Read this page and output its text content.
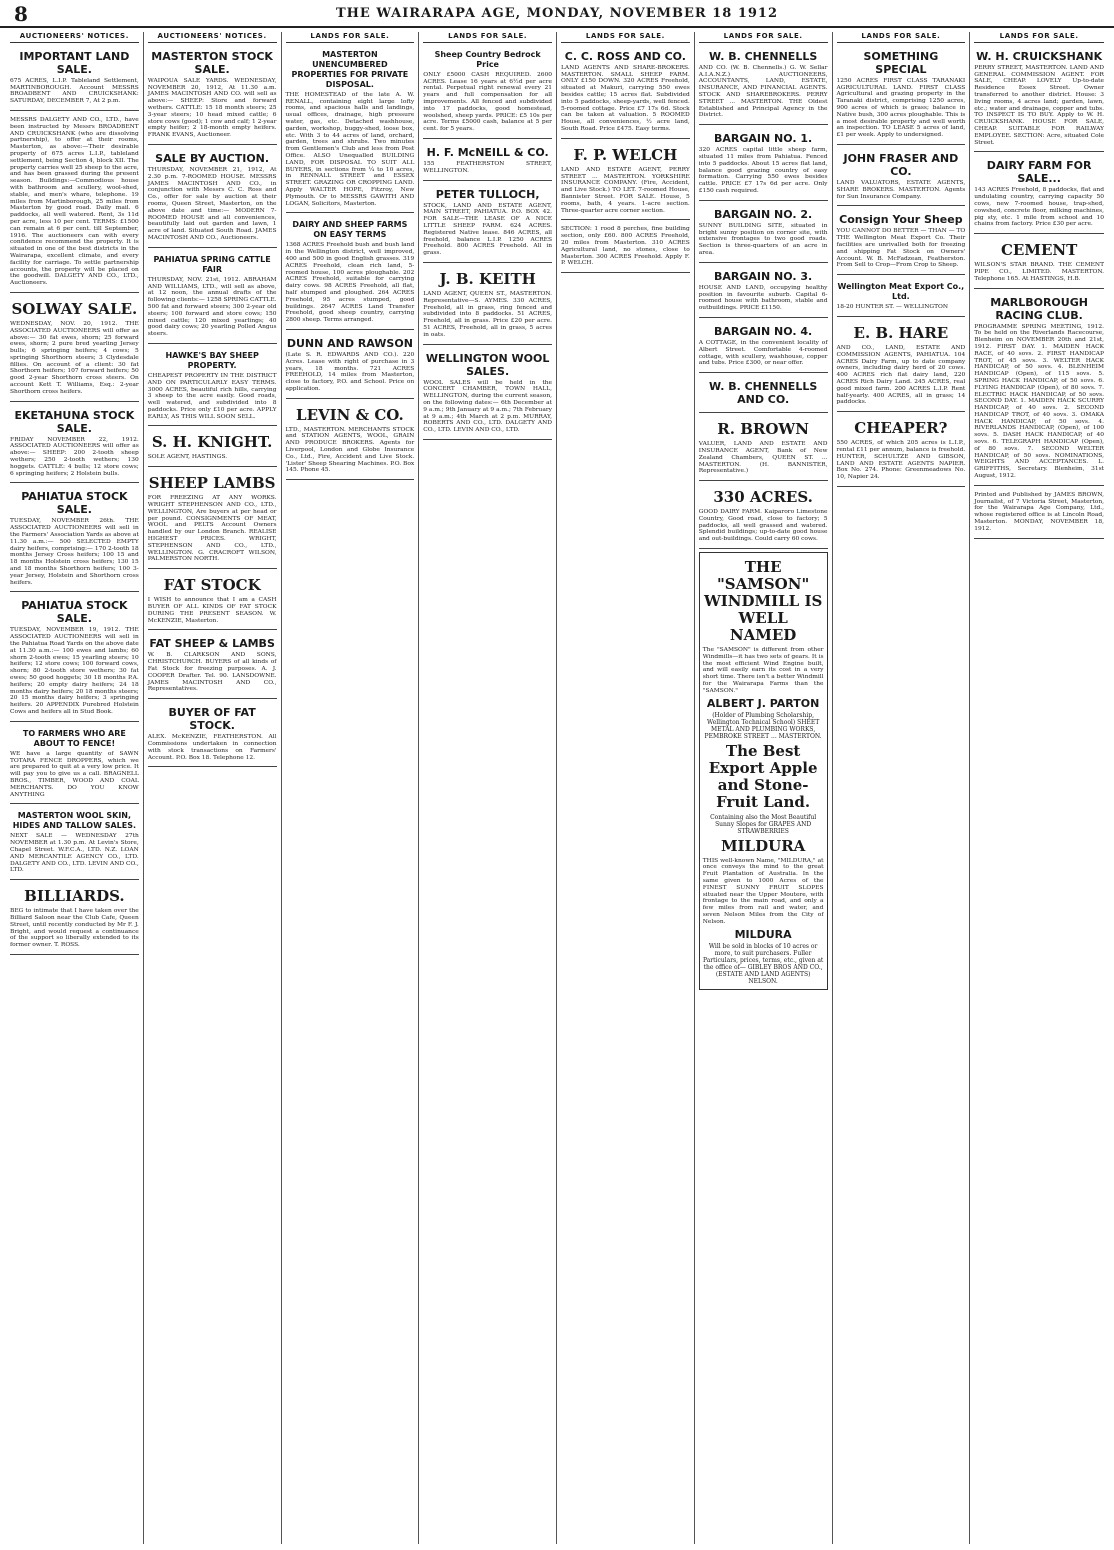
8	THE WAIRARAPA AGE, MONDAY, NOVEMBER 18 1912
AUCTIONEERS' NOTICES.
IMPORTANT LAND SALE.
675 ACRES, L.I.P. Tableland Settlement, MARTINBOROUGH. Account MESSRS BROADBENT AND CRUICKSHANK: SATURDAY, DECEMBER 7, At 2 p.m.
MESSRS DALGETY AND CO., LTD., have been instructed by Messrs BROADBENT AND CRUICKSHANK (who are dissolving partnership), to offer at their rooms, Masterton, as above:—Their desirable property of 675 acres L.I.P., tableland settlement, being Section 4, block XII. The property carries well 25 sheep to the acre, and has been grassed during the present season. Buildings:—Commodious house with bathroom and scullery, wool-shed, stable, and men's whare, telephone. 19 miles from Martinborough, 25 miles from Masterton by good road. Daily mail. 6 paddocks, all well watered. Rent, 3s 11d per acre, less 10 per cent. TERMS: £1500 can remain at 6 per cent. till September, 1916. The auctioneers can with every confidence recommend the property. It is situated in one of the best districts in the Wairarapa, excellent climate, and every facility for carriage. To settle partnership accounts, the property will be placed on the goodwill. DALGETY AND CO., LTD., Auctioneers.
SOLWAY SALE.
WEDNESDAY, NOV. 20, 1912. THE ASSOCIATED AUCTIONEERS will offer as above:— 30 fat ewes, shorn; 25 forward ewes, shorn; 2 pure bred yearling Jersey bulls; 6 springing heifers; 4 cows; 5 springing Shorthorn steers; 3 Clydesdale fillies. On account of a client: 30 fat Shorthorn heifers; 107 forward heifers; 50 good 2-year Shorthorn cross steers. On account Kett T. Williams, Esq.: 2-year Shorthorn cross heifers.
EKETAHUNA STOCK SALE.
FRIDAY NOVEMBER 22, 1912. ASSOCIATED AUCTIONEERS will offer as above:— SHEEP: 200 2-tooth sheep wethers; 250 2-tooth wethers; 130 hoggets. CATTLE: 4 bulls; 12 store cows; 6 springing heifers; 2 Holstein bulls.
PAHIATUA STOCK SALE.
TUESDAY, NOVEMBER 26th. THE ASSOCIATED AUCTIONEERS will sell in the Farmers' Association Yards as above at 11.30 a.m.:— 500 SELECTED EMPTY dairy heifers, comprising:— 170 2-tooth 18 months Jersey Cross heifers; 100 15 and 18 months Holstein cross heifers; 130 15 and 18 months Shorthorn heifers; 100 3-year Jersey, Holstein and Shorthorn cross heifers.
PAHIATUA STOCK SALE.
TUESDAY, NOVEMBER 19, 1912. THE ASSOCIATED AUCTIONEERS will sell in the Pahiatua Road Yards on the above date at 11.30 a.m.:— 100 ewes and lambs; 60 shorn 2-tooth ewes; 15 yearling steers; 10 heifers; 12 store cows; 100 forward cows, shorn; 80 2-tooth store wethers; 30 fat ewes; 50 good hoggets; 30 18 months P.A. heifers; 20 empty dairy heifers; 24 18 months dairy heifers; 20 18 months steers; 20 15 months dairy heifers; 3 springing heifers. 20 APPENDIX Purebred Holstein Cows and heifers all in Stud Book.
TO FARMERS WHO ARE ABOUT TO FENCE!
WE have a large quantity of SAWN TOTARA FENCE DROPPERS, which we are prepared to quit at a very low price. It will pay you to give us a call. BRAGNELL BROS., TIMBER, WOOD AND COAL MERCHANTS. DO YOU KNOW ANYTHING
MASTERTON WOOL SKIN, HIDES AND TALLOW SALES.
NEXT SALE — WEDNESDAY 27th NOVEMBER at 1.30 p.m. At Levin's Store, Chapel Street. W.F.C.A., LTD. N.Z. LOAN AND MERCANTILE AGENCY CO., LTD. DALGETY AND CO., LTD. LEVIN AND CO., LTD.
BILLIARDS.
BEG to intimate that I have taken over the Billiard Saloon near the Club Cafe, Queen Street, until recently conducted by Mr F. J. Bright, and would request a continuance of the support so liberally extended to its former owner. T. ROSS.
AUCTIONEERS' NOTICES.
MASTERTON STOCK SALE.
WAIPOUA SALE YARDS. WEDNESDAY, NOVEMBER 20, 1912, At 11.30 a.m. JAMES MACINTOSH AND CO. will sell as above:— SHEEP: Store and forward wethers. CATTLE: 15 18 month steers; 25 3-year steers; 10 head mixed cattle; 6 store cows (good); 1 cow and calf; 1 2-year empty heifer; 2 18-month empty heifers. FRANK EVANS, Auctioneer.
SALE BY AUCTION.
THURSDAY, NOVEMBER 21, 1912, At 2.30 p.m. 7-ROOMED HOUSE. MESSRS JAMES MACINTOSH AND CO., in conjunction with Messrs C. C. Ross and Co., offer for sale by auction at their rooms, Queen Street, Masterton, on the above date and time:— MODERN 7-ROOMED HOUSE and all conveniences, beautifully laid out garden and lawn, 1 acre of land. Situated South Road. JAMES MACINTOSH AND CO., Auctioneers.
PAHIATUA SPRING CATTLE FAIR
THURSDAY, NOV. 21st, 1912. ABRAHAM AND WILLIAMS, LTD., will sell as above, at 12 noon, the annual drafts of the following clients:— 1258 SPRING CATTLE. 500 fat and forward steers; 300 2-year old steers; 100 forward and store cows; 150 mixed cattle; 120 mixed yearlings; 40 good dairy cows; 20 yearling Polled Angus steers.
HAWKE'S BAY SHEEP PROPERTY.
CHEAPEST PROPERTY IN THE DISTRICT AND ON PARTICULARLY EASY TERMS. 3000 ACRES, beautiful rich hills, carrying 3 sheep to the acre easily. Good roads, well watered, and subdivided into 8 paddocks. Price only £10 per acre. APPLY EARLY, AS THIS WILL SOON SELL.
S. H. KNIGHT.
SOLE AGENT, HASTINGS.
SHEEP LAMBS
FOR FREEZING AT ANY WORKS. WRIGHT STEPHENSON AND CO., LTD., WELLINGTON, Are buyers at per head or per pound. CONSIGNMENTS OF MEAT, WOOL and PELTS Account Owners handled by our London Branch. REALISE HIGHEST PRICES. WRIGHT, STEPHENSON AND CO., LTD., WELLINGTON. G. CRACROFT WILSON, PALMERSTON NORTH.
FAT STOCK
I WISH to announce that I am a CASH BUYER OF ALL KINDS OF FAT STOCK DURING THE PRESENT SEASON. W. McKENZIE, Masterton.
FAT SHEEP & LAMBS
W. B. CLARKSON AND SONS, CHRISTCHURCH. BUYERS of all kinds of Fat Stock for freezing purposes. A. J. COOPER Drafter. Tel. 90. LANSDOWNE. JAMES MACINTOSH AND CO., Representatives.
BUYER OF FAT STOCK.
ALEX. McKENZIE, FEATHERSTON. All Commissions undertaken in connection with stock transactions on Farmers' Account. P.O. Box 18. Telephone 12.
LANDS FOR SALE.
MASTERTON UNENCUMBERED PROPERTIES FOR PRIVATE DISPOSAL.
THE HOMESTEAD of the late A. W. RENALL, containing eight large lofty rooms, and spacious halls and landings, usual offices, drainage, high pressure water, gas, etc. Detached washhouse, garden, workshop, buggy-shed, loose box, etc. With 3 to 44 acres of land, orchard, garden, trees and shrubs. Two minutes from Gentlemen's Club and less from Post Office. ALSO Unequalled BUILDING LAND, FOR DISPOSAL TO SUIT ALL BUYERS, in sections from ¼ to 10 acres, in RENNALL STREET and ESSEX STREET. GRAZING OR CROPPING LAND. Apply WALTER HOPE, Fitzroy, New Plymouth. Or to MESSRS GAWITH AND LOGAN, Solicitors, Masterton.
DAIRY AND SHEEP FARMS ON EASY TERMS
1368 ACRES Freehold bush and bush land in the Wellington district, well improved, 400 and 500 in good English grasses. 319 ACRES Freehold, clean rich land, 5-roomed house, 100 acres ploughable. 202 ACRES Freehold, suitable for carrying dairy cows. 98 ACRES Freehold, all flat, half stumped and ploughed. 264 ACRES Freehold, 95 acres stumped, good buildings. 2647 ACRES Land Transfer Freehold, good sheep country, carrying 2800 sheep. Terms arranged.
DUNN AND RAWSON
(Late S. R. EDWARDS AND CO.). 220 Acres. Lease with right of purchase in 3 years, 18 months. 721 ACRES FREEHOLD, 14 miles from Masterton, close to factory, P.O. and School. Price on application.
LEVIN & CO.
LTD., MASTERTON. MERCHANTS STOCK and STATION AGENTS, WOOL, GRAIN AND PRODUCE BROKERS. Agents for Liverpool, London and Globe Insurance Co., Ltd., Fire, Accident and Live Stock. 'Lister' Sheep Shearing Machines. P.O. Box 145. Phone 45.
LANDS FOR SALE.
Sheep Country Bedrock Price
ONLY £5000 CASH REQUIRED. 2600 ACRES. Lease 16 years at 6½d per acre rental. Perpetual right renewal every 21 years and full compensation for all improvements. All fenced and subdivided into 17 paddocks, good homestead, woolshed, sheep yards. PRICE: £5 10s per acre. Terms £5000 cash, balance at 5 per cent. for 5 years.
H. F. McNEILL & CO.
155 FEATHERSTON STREET, WELLINGTON.
PETER TULLOCH,
STOCK, LAND AND ESTATE AGENT, MAIN STREET, PAHIATUA. P.O. BOX 42. FOR SALE—THE LEASE OF A NICE LITTLE SHEEP FARM. 624 ACRES. Registered Native lease. 846 ACRES, all freehold, balance L.I.P. 1250 ACRES Freehold. 800 ACRES Freehold. All in grass.
J. B. KEITH
LAND AGENT, QUEEN ST., MASTERTON. Representative—S. AYMES. 330 ACRES, Freehold, all in grass, ring fenced and subdivided into 8 paddocks. 51 ACRES, Freehold, all in grass. Price £20 per acre. 51 ACRES, Freehold, all in grass, 5 acres in oats.
WELLINGTON WOOL SALES.
WOOL SALES will be held in the CONCERT CHAMBER, TOWN HALL, WELLINGTON, during the current season, on the following dates:— 6th December at 9 a.m.; 9th January at 9 a.m.; 7th February at 9 a.m.; 4th March at 2 p.m. MURRAY, ROBERTS AND CO., LTD. DALGETY AND CO., LTD. LEVIN AND CO., LTD.
LANDS FOR SALE.
C. C. ROSS AND CO.
LAND AGENTS AND SHARE-BROKERS. MASTERTON. SMALL SHEEP FARM. ONLY £150 DOWN. 320 ACRES Freehold, situated at Makuri, carrying 550 ewes besides cattle; 15 acres flat. Subdivided into 5 paddocks, sheep-yards, well fenced. 5-roomed cottage. Price £7 17s 6d. Stock can be taken at valuation. 5 ROOMED House, all conveniences, ½ acre land, South Road. Price £475. Easy terms.
F. P. WELCH
LAND AND ESTATE AGENT, PERRY STREET ... MASTERTON. YORKSHIRE INSURANCE COMPANY. (Fire, Accident, and Live Stock.) TO LET. 7-roomed House, Bannister Street. FOR SALE. House, 5 rooms, bath, 4 years. 1-acre section. Three-quarter acre corner section.
SECTION: 1 rood 8 perches, fine building section, only £60. 800 ACRES Freehold, 20 miles from Masterton. 310 ACRES Agricultural land, no stones, close to Masterton. 300 ACRES Freehold. Apply F. P. WELCH.
LANDS FOR SALE.
W. B. CHENNELLS
AND CO. (W. B. Chennells.) G. W. Sellar A.I.A.N.Z.) AUCTIONEERS, ACCOUNTANTS, LAND, ESTATE, INSURANCE, AND FINANCIAL AGENTS. STOCK AND SHAREBROKERS. PERRY STREET ... MASTERTON. THE Oldest Established and Principal Agency in the District.
BARGAIN NO. 1.
320 ACRES capital little sheep farm, situated 11 miles from Pahiatua. Fenced into 5 paddocks. About 15 acres flat land, balance good grazing country of easy formation. Carrying 550 ewes besides cattle. PRICE £7 17s 6d per acre. Only £150 cash required.
BARGAIN NO. 2.
SUNNY BUILDING SITE, situated in bright sunny position on corner site, with extensive frontages to two good roads. Section is three-quarters of an acre in area.
BARGAIN NO. 3.
HOUSE AND LAND, occupying healthy position in favourite suburb. Capital 6-roomed house with bathroom, stable and outbuildings. PRICE £1150.
BARGAIN NO. 4.
A COTTAGE, in the convenient locality of Albert Street. Comfortable 4-roomed cottage, with scullery, washhouse, copper and tubs. Price £300, or near offer.
W. B. CHENNELLS AND CO.
R. BROWN
VALUER, LAND AND ESTATE AND INSURANCE AGENT, Bank of New Zealand Chambers, QUEEN ST. ... MASTERTON. (H. BANNISTER, Representative.)
330 ACRES.
GOOD DAIRY FARM. Kaiparoro Limestone Country, Good road, close to factory; 5 paddocks, all well grassed and watered. Splendid buildings; up-to-date good house and out-buildings. Could carry 60 cows.
THE "SAMSON" WINDMILL IS WELL NAMED
The "SAMSON" is different from other Windmills—it has two sets of gears. It is the most efficient Wind Engine built, and will easily earn its cost in a very short time. There isn't a better Windmill for the Wairarapa Farms than the "SAMSON."
ALBERT J. PARTON
(Holder of Plumbing Scholarship, Wellington Technical School) SHEET METAL AND PLUMBING WORKS, PEMBROKE STREET ... MASTERTON.
The Best Export Apple and Stone-Fruit Land.
Containing also the Most Beautiful Sunny Slopes for GRAPES AND STRAWBERRIES
MILDURA
THIS well-known Name, "MILDURA," at once conveys the mind to the great Fruit Plantation of Australia. In the same given to 1000 Acres of the FINEST SUNNY FRUIT SLOPES situated near the Upper Moutere, with frontage to the main road, and only a few miles from rail and water, and seven Nelson Miles from the City of Nelson.
MILDURA
Will be sold in blocks of 10 acres or more, to suit purchasers. Fuller Particulars, prices, terms, etc., given at the office of— GIBLEY BROS AND CO., (ESTATE AND LAND AGENTS) NELSON.
LANDS FOR SALE.
SOMETHING SPECIAL
1250 ACRES FIRST CLASS TARANAKI AGRICULTURAL LAND. FIRST CLASS Agricultural and grazing property in the Taranaki district, comprising 1250 acres, 900 acres of which is grass; balance in Native bush, 300 acres ploughable. This is a most desirable property and well worth an inspection. TO LEASE 5 acres of land, £1 per week. Apply to undersigned.
JOHN FRASER AND CO.
LAND VALUATORS, ESTATE AGENTS, SHARE BROKERS. MASTERTON. Agents for Sun Insurance Company.
Consign Your Sheep
YOU CANNOT DO BETTER — THAN — TO THE Wellington Meat Export Co. Their facilities are unrivalled both for freezing and shipping Fat Stock on Owners' Account. W. B. McFadzean, Featherston. From Sell to Crop—From Crop to Sheep.
Wellington Meat Export Co., Ltd.
18-20 HUNTER ST. — WELLINGTON
E. B. HARE
AND CO., LAND, ESTATE AND COMMISSION AGENTS, PAHIATUA. 104 ACRES Dairy Farm, up to date company owners, including dairy herd of 20 cows. 400 ACRES rich flat dairy land, 220 ACRES Rich Dairy Land. 245 ACRES, real good mixed farm. 200 ACRES L.I.P. Rent half-yearly. 400 ACRES, all in grass; 14 paddocks.
CHEAPER?
550 ACRES, of which 205 acres is L.I.P., rental £11 per annum, balance is freehold. HUNTER, SCHULTZE AND GIBSON, LAND AND ESTATE AGENTS NAPIER. Box No. 274. Phone: Greenmeadows No. 10, Napier 24.
LANDS FOR SALE.
W. H. CRUICKSHANK
PERRY STREET, MASTERTON. LAND AND GENERAL COMMISSION AGENT. FOR SALE, CHEAP. LOVELY Up-to-date Residence Essex Street. Owner transferred to another district. House: 3 living rooms, 4 acres land; garden, lawn, etc.; water and drainage, copper and tubs. TO INSPECT IS TO BUY. Apply to W. H. CRUICKSHANK. HOUSE FOR SALE, CHEAP. SUITABLE FOR RAILWAY EMPLOYEE. SECTION: Acre, situated Cole Street.
DAIRY FARM FOR SALE...
143 ACRES Freehold, 8 paddocks, flat and undulating country, carrying capacity 50 cows, new 7-roomed house, trap-shed, cowshed, concrete floor, milking machines, pig sty, etc. 1 mile from school and 10 chains from factory. Price £30 per acre.
CEMENT
WILSON'S STAR BRAND. THE CEMENT PIPE CO., LIMITED. MASTERTON. Telephone 165. At HASTINGS, H.B.
MARLBOROUGH RACING CLUB.
PROGRAMME SPRING MEETING, 1912. To be held on the Riverlands Racecourse, Blenheim on NOVEMBER 20th and 21st, 1912. FIRST DAY. 1. MAIDEN HACK RACE, of 40 sovs. 2. FIRST HANDICAP TROT, of 45 sovs. 3. WELTER HACK HANDICAP, of 50 sovs. 4. BLENHEIM HANDICAP (Open), of 115 sovs. 5. SPRING HACK HANDICAP, of 50 sovs. 6. FLYING HANDICAP (Open), of 80 sovs. 7. ELECTRIC HACK HANDICAP, of 50 sovs. SECOND DAY. 1. MAIDEN HACK SCURRY HANDICAP, of 40 sovs. 2. SECOND HANDICAP TROT, of 40 sovs. 3. OMAKA HACK HANDICAP, of 50 sovs. 4. RIVERLANDS HANDICAP, (Open), of 100 sovs. 5. DASH HACK HANDICAP, of 40 sovs. 6. TELEGRAPH HANDICAP (Open), of 80 sovs. 7. SECOND WELTER HANDICAP, of 50 sovs. NOMINATIONS, WEIGHTS AND ACCEPTANCES. L. GRIFFITHS, Secretary. Blenheim, 31st August, 1912.
Printed and Published by JAMES BROWN, Journalist, of 7 Victoria Street, Masterton, for the Wairarapa Age Company, Ltd., whose registered office is at Lincoln Road, Masterton. MONDAY, NOVEMBER 18, 1912.
